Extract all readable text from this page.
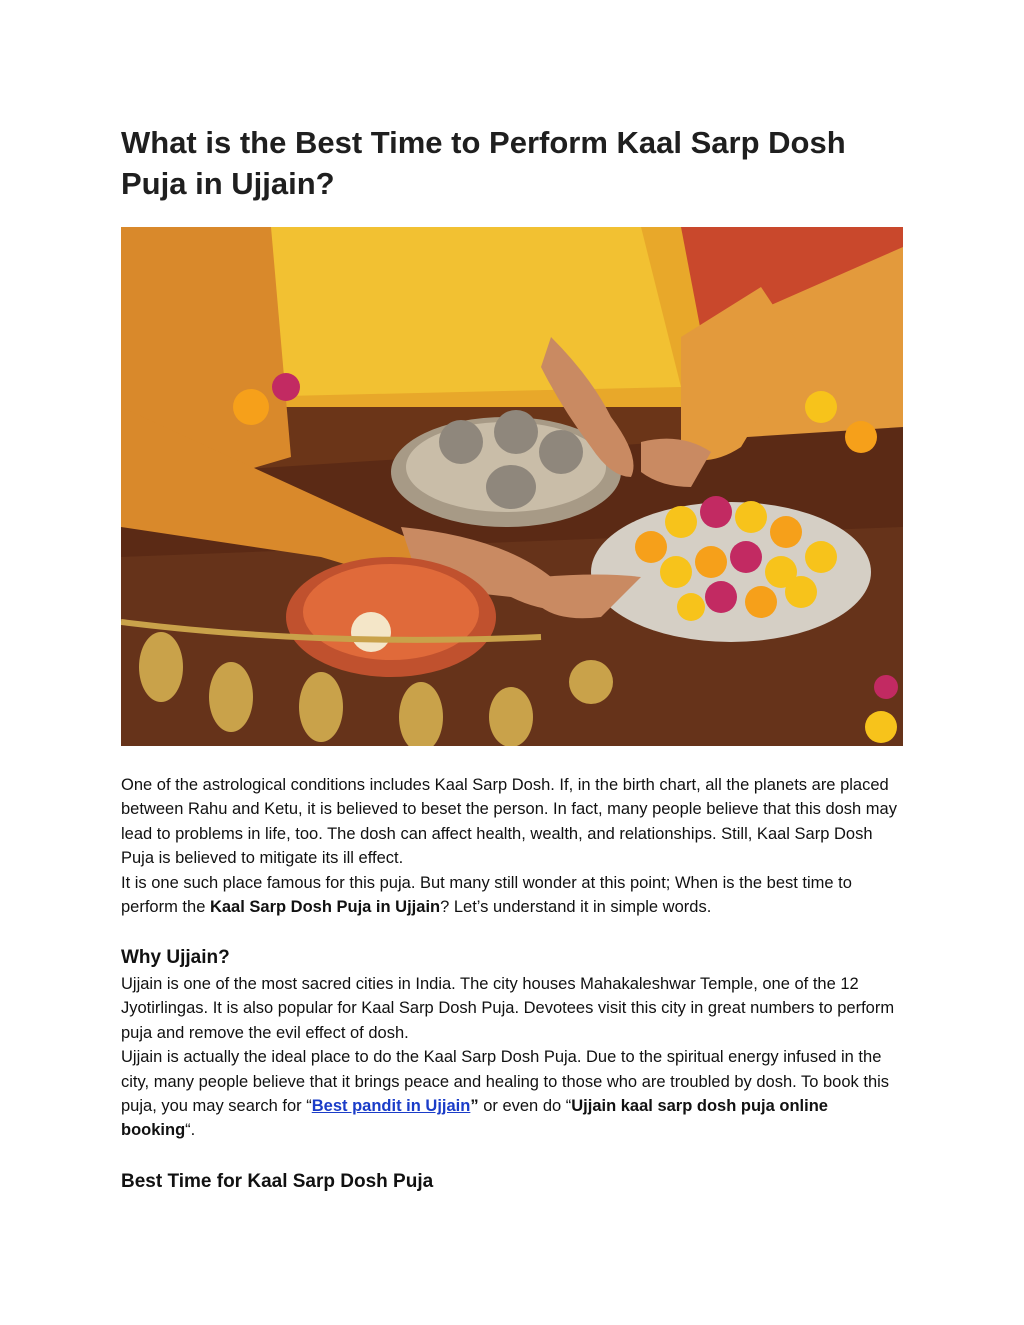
What is the Best Time to Perform Kaal Sarp Dosh Puja in Ujjain?

One of the astrological conditions includes Kaal Sarp Dosh. If, in the birth chart, all the planets are placed between Rahu and Ketu, it is believed to beset the person. In fact, many people believe that this dosh may lead to problems in life, too. The dosh can affect health, wealth, and relationships. Still, Kaal Sarp Dosh Puja is believed to mitigate its ill effect.
It is one such place famous for this puja. But many still wonder at this point; When is the best time to perform the Kaal Sarp Dosh Puja in Ujjain? Let’s understand it in simple words.

Why Ujjain?

Ujjain is one of the most sacred cities in India. The city houses Mahakaleshwar Temple, one of the 12 Jyotirlingas. It is also popular for Kaal Sarp Dosh Puja. Devotees visit this city in great numbers to perform puja and remove the evil effect of dosh.
Ujjain is actually the ideal place to do the Kaal Sarp Dosh Puja. Due to the spiritual energy infused in the city, many people believe that it brings peace and healing to those who are troubled by dosh. To book this puja, you may search for “Best pandit in Ujjain” or even do “Ujjain kaal sarp dosh puja online booking“.

Best Time for Kaal Sarp Dosh Puja
